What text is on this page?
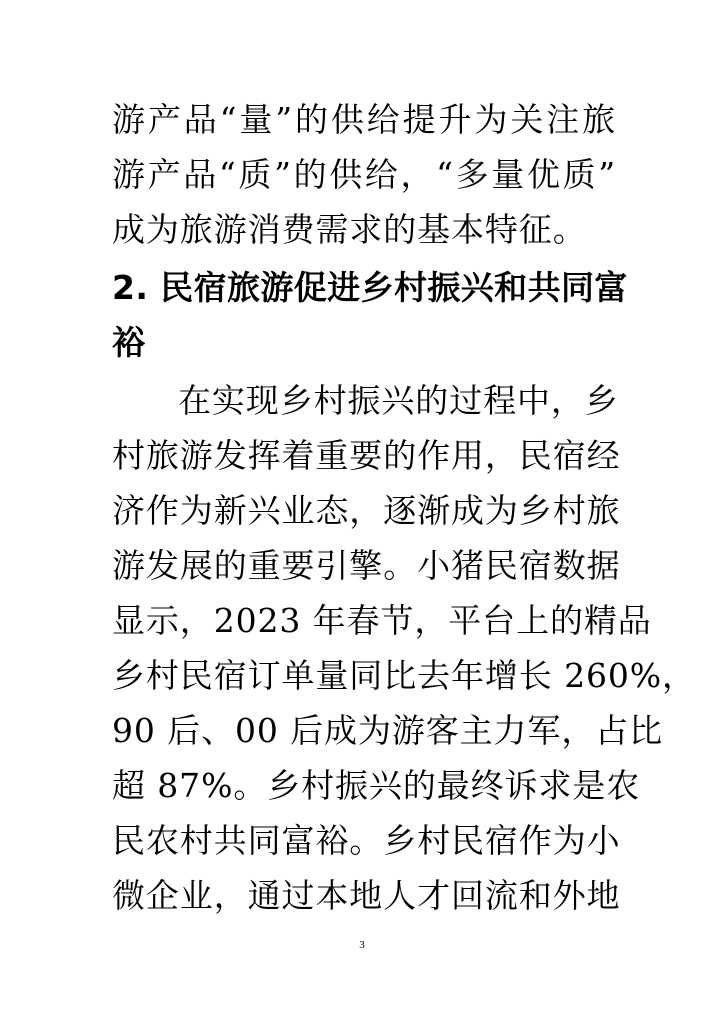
游产品“量”的供给提升为关注旅
游产品“质”的供给，“多量优质”
成为旅游消费需求的基本特征。
2. 民宿旅游促进乡村振兴和共同富
裕
在实现乡村振兴的过程中，乡
村旅游发挥着重要的作用，民宿经
济作为新兴业态，逐渐成为乡村旅
游发展的重要引擎。小猪民宿数据
显示，2023 年春节，平台上的精品
乡村民宿订单量同比去年增长 260%，
90 后、00 后成为游客主力军，占比
超 87%。乡村振兴的最终诉求是农
民农村共同富裕。乡村民宿作为小
微企业，通过本地人才回流和外地
3
